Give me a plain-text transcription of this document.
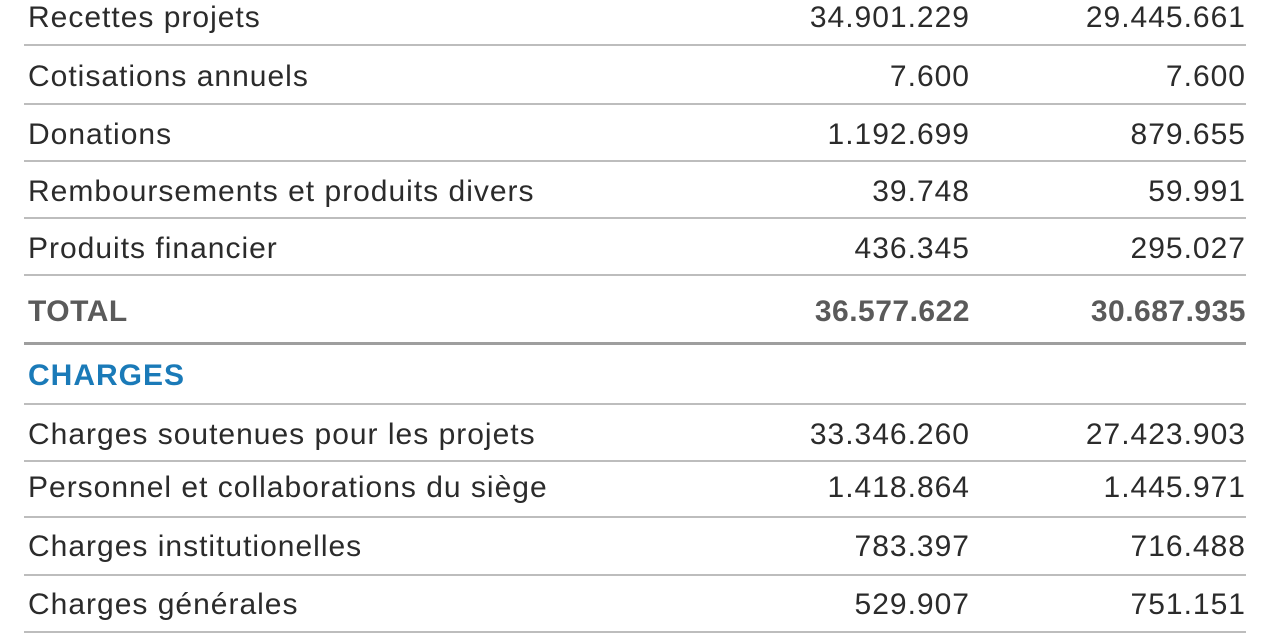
Recettes projets	34.901.229	29.445.661
Cotisations annuels	7.600	7.600
Donations	1.192.699	879.655
Remboursements et produits divers	39.748	59.991
Produits financier	436.345	295.027
TOTAL	36.577.622	30.687.935
CHARGES
Charges soutenues pour les projets	33.346.260	27.423.903
Personnel et collaborations du siège	1.418.864	1.445.971
Charges institutionelles	783.397	716.488
Charges générales	529.907	751.151
